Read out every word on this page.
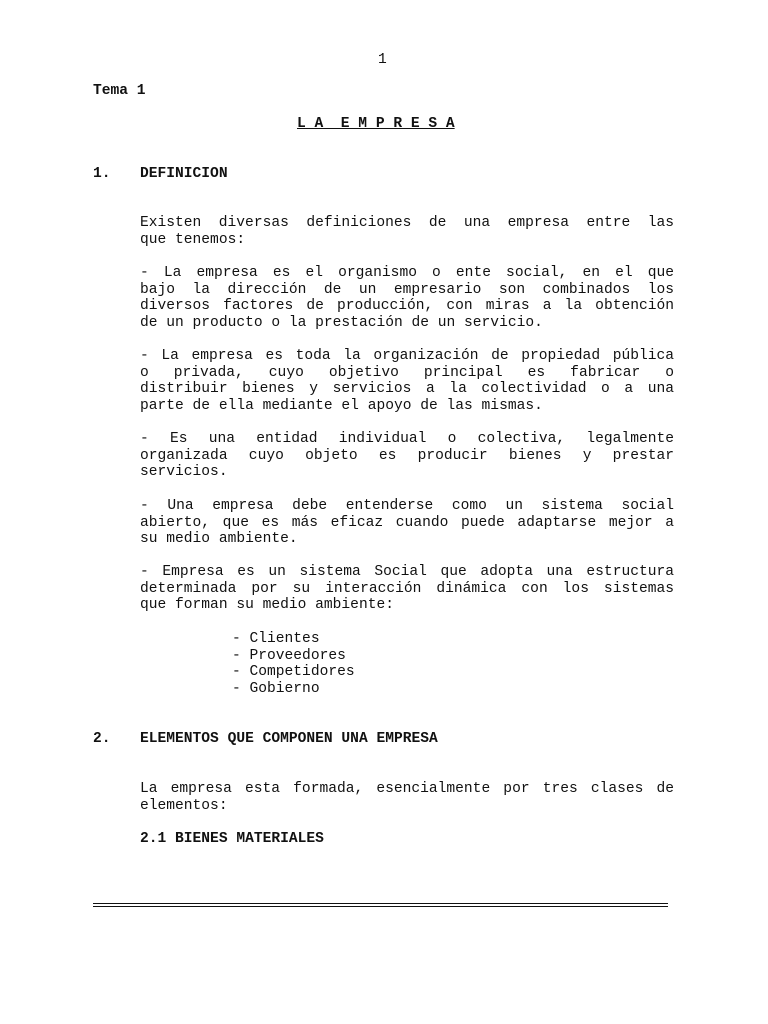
1
Tema 1
L A  E M P R E S A
1. DEFINICION

Existen diversas definiciones de una empresa entre las
que tenemos:

- La empresa es el organismo o ente social, en el que
bajo la dirección de un empresario son combinados los
diversos factores de producción, con miras a la obtención
de un producto o la prestación de un servicio.

- La empresa es toda la organización de propiedad pública
o privada, cuyo objetivo principal es fabricar o
distribuir bienes y servicios a la colectividad o a una
parte de ella mediante el apoyo de las mismas.

- Es una entidad individual o colectiva, legalmente
organizada cuyo objeto es producir bienes y prestar
servicios.

- Una empresa debe entenderse como un sistema social
abierto, que es más eficaz cuando puede adaptarse mejor a
su medio ambiente.

- Empresa es un sistema Social que adopta una estructura
determinada por su interacción dinámica con los sistemas
que forman su medio ambiente:

- Clientes
- Proveedores
- Competidores
- Gobierno
2. ELEMENTOS QUE COMPONEN UNA EMPRESA

La empresa esta formada, esencialmente por tres clases de
elementos:

2.1 BIENES MATERIALES
